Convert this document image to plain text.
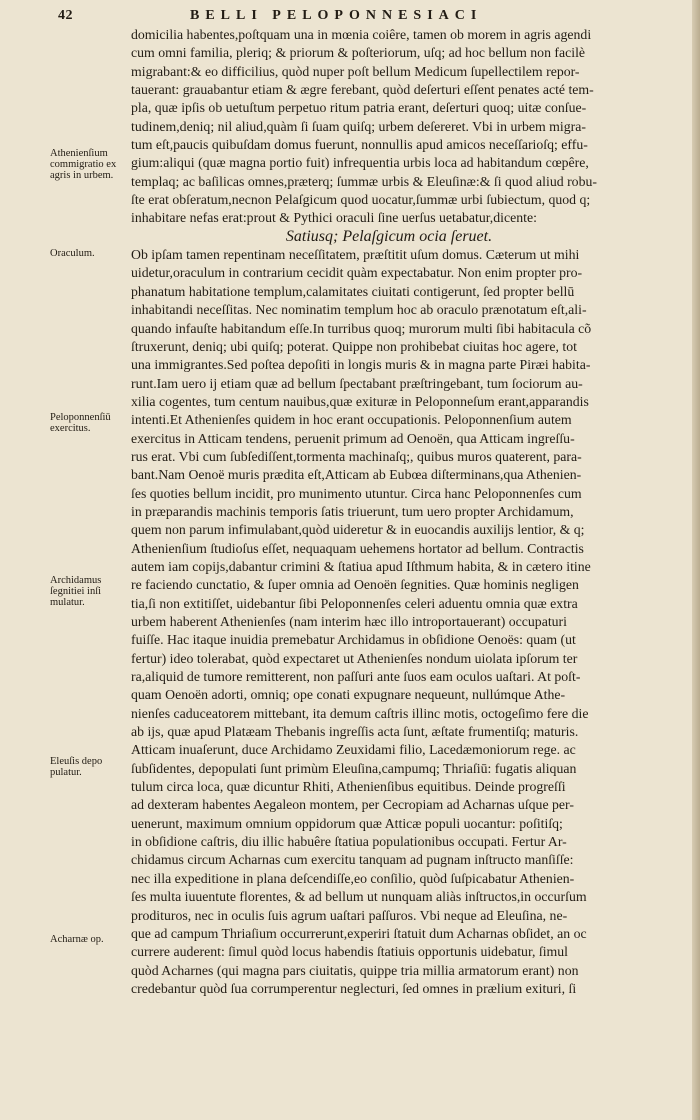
42	BELLI PELOPONNESIACI
Athenienſium commigratio ex agris in urbem.
Oraculum.
Peloponnenſiū exercitus.
Archidamus ſegnitiei inſi mulatur.
Eleuſis depo pulatur.
Acharnæ op.
domicilia habentes,poſtquam una in mœnia coiêre, tamen ob morem in agris agendi
cum omni familia, pleriq; & priorum & poſteriorum, uſq; ad hoc bellum non facilè
migrabant:& eo difficilius, quòd nuper poſt bellum Medicum ſupellectilem repor-
tauerant: grauabantur etiam & ægre ferebant, quòd deſerturi eſſent penates acté tem-
pla, quæ ipſis ob uetuſtum perpetuo ritum patria erant, deſerturi quoq; uitæ conſue-
tudinem,deniq; nil aliud,quàm ſi ſuam quiſq; urbem deſereret. Vbi in urbem migra-
tum eſt,paucis quibuſdam domus fuerunt, nonnullis apud amicos neceſſarioſq; effu-
gium:aliqui (quæ magna portio fuit) infrequentia urbis loca ad habitandum cœpêre,
templaq; ac baſilicas omnes,præterq; ſummæ urbis & Eleuſinæ:& ſi quod aliud robu-
ſte erat obſeratum,necnon Pelaſgicum quod uocatur,ſummæ urbi ſubiectum, quod q;
inhabitare nefas erat:prout & Pythici oraculi ſine uerſus uetabatur,dicente:
Satiusq; Pelaſgicum ocia ſeruet.
Ob ipſam tamen repentinam neceſſitatem, præſtitit uſum domus. Cæterum ut mihi
uidetur,oraculum in contrarium cecidit quàm expectabatur. Non enim propter pro-
phanatum habitatione templum,calamitates ciuitati contigerunt, ſed propter bellū
inhabitandi neceſſitas. Nec nominatim templum hoc ab oraculo prænotatum eſt,ali-
quando infauſte habitandum eſſe.In turribus quoq; murorum multi ſibi habitacula cõ
ſtruxerunt, deniq; ubi quiſq; poterat. Quippe non prohibebat ciuitas hoc agere, tot
una immigrantes.Sed poſtea depoſiti in longis muris & in magna parte Piræi habita-
runt.Iam uero ij etiam quæ ad bellum ſpectabant præſtringebant, tum ſociorum au-
xilia cogentes, tum centum nauibus,quæ exituræ in Peloponneſum erant,apparandis
intenti.Et Athenienſes quidem in hoc erant occupationis. Peloponnenſium autem
exercitus in Atticam tendens, peruenit primum ad Oenoën, qua Atticam ingreſſu-
rus erat. Vbi cum ſubſediſſent,tormenta machinaſq;, quibus muros quaterent, para-
bant.Nam Oenoë muris prædita eſt,Atticam ab Eubœa diſterminans,qua Athenien-
ſes quoties bellum incidit, pro munimento utuntur. Circa hanc Peloponnenſes cum
in præparandis machinis temporis ſatis triuerunt, tum uero propter Archidamum,
quem non parum infimulabant,quòd uideretur & in euocandis auxilijs lentior, & q;
Athenienſium ſtudioſus eſſet, nequaquam uehemens hortator ad bellum. Contractis
autem iam copijs,dabantur crimini & ſtatiua apud Iſthmum habita, & in cætero itine
re faciendo cunctatio, & ſuper omnia ad Oenoën ſegnities. Quæ hominis negligen
tia,ſi non extitiſſet, uidebantur ſibi Peloponnenſes celeri aduentu omnia quæ extra
urbem haberent Athenienſes (nam interim hæc illo introportauerant) occupaturi
fuiſſe. Hac itaque inuidia premebatur Archidamus in obſidione Oenoës: quam (ut
fertur) ideo tolerabat, quòd expectaret ut Athenienſes nondum uiolata ipſorum ter
ra,aliquid de tumore remitterent, non paſſuri ante ſuos eam oculos uaſtari. At poſt-
quam Oenoën adorti, omniq; ope conati expugnare nequeunt, nullúmque Athe-
nienſes caduceatorem mittebant, ita demum caſtris illinc motis, octogeſimo fere die
ab ijs, quæ apud Platæam Thebanis ingreſſis acta ſunt, æſtate frumentiſq; maturis.
Atticam inuaſerunt, duce Archidamo Zeuxidami filio, Lacedæmoniorum rege. ac
ſubſidentes, depopulati ſunt primùm Eleuſina,campumq; Thriaſiū: fugatis aliquan
tulum circa loca, quæ dicuntur Rhiti, Athenienſibus equitibus. Deinde progreſſi
ad dexteram habentes Aegaleon montem, per Cecropiam ad Acharnas uſque per-
uenerunt, maximum omnium oppidorum quæ Atticæ populi uocantur: poſitiſq;
in obſidione caſtris, diu illic habuêre ſtatiua populationibus occupati. Fertur Ar-
chidamus circum Acharnas cum exercitu tanquam ad pugnam inſtructo manſiſſe:
nec illa expeditione in plana deſcendiſſe,eo conſilio, quòd ſuſpicabatur Athenien-
ſes multa iuuentute florentes, & ad bellum ut nunquam aliàs inſtructos,in occurſum
prodituros, nec in oculis ſuis agrum uaſtari paſſuros. Vbi neque ad Eleuſina, ne-
que ad campum Thriaſium occurrerunt,experiri ſtatuit dum Acharnas obſidet, an oc
currere auderent: ſimul quòd locus habendis ſtatiuis opportunis uidebatur, ſimul
quòd Acharnes (qui magna pars ciuitatis, quippe tria millia armatorum erant) non
credebantur quòd ſua corrumperentur neglecturi, ſed omnes in prælium exituri, ſi
